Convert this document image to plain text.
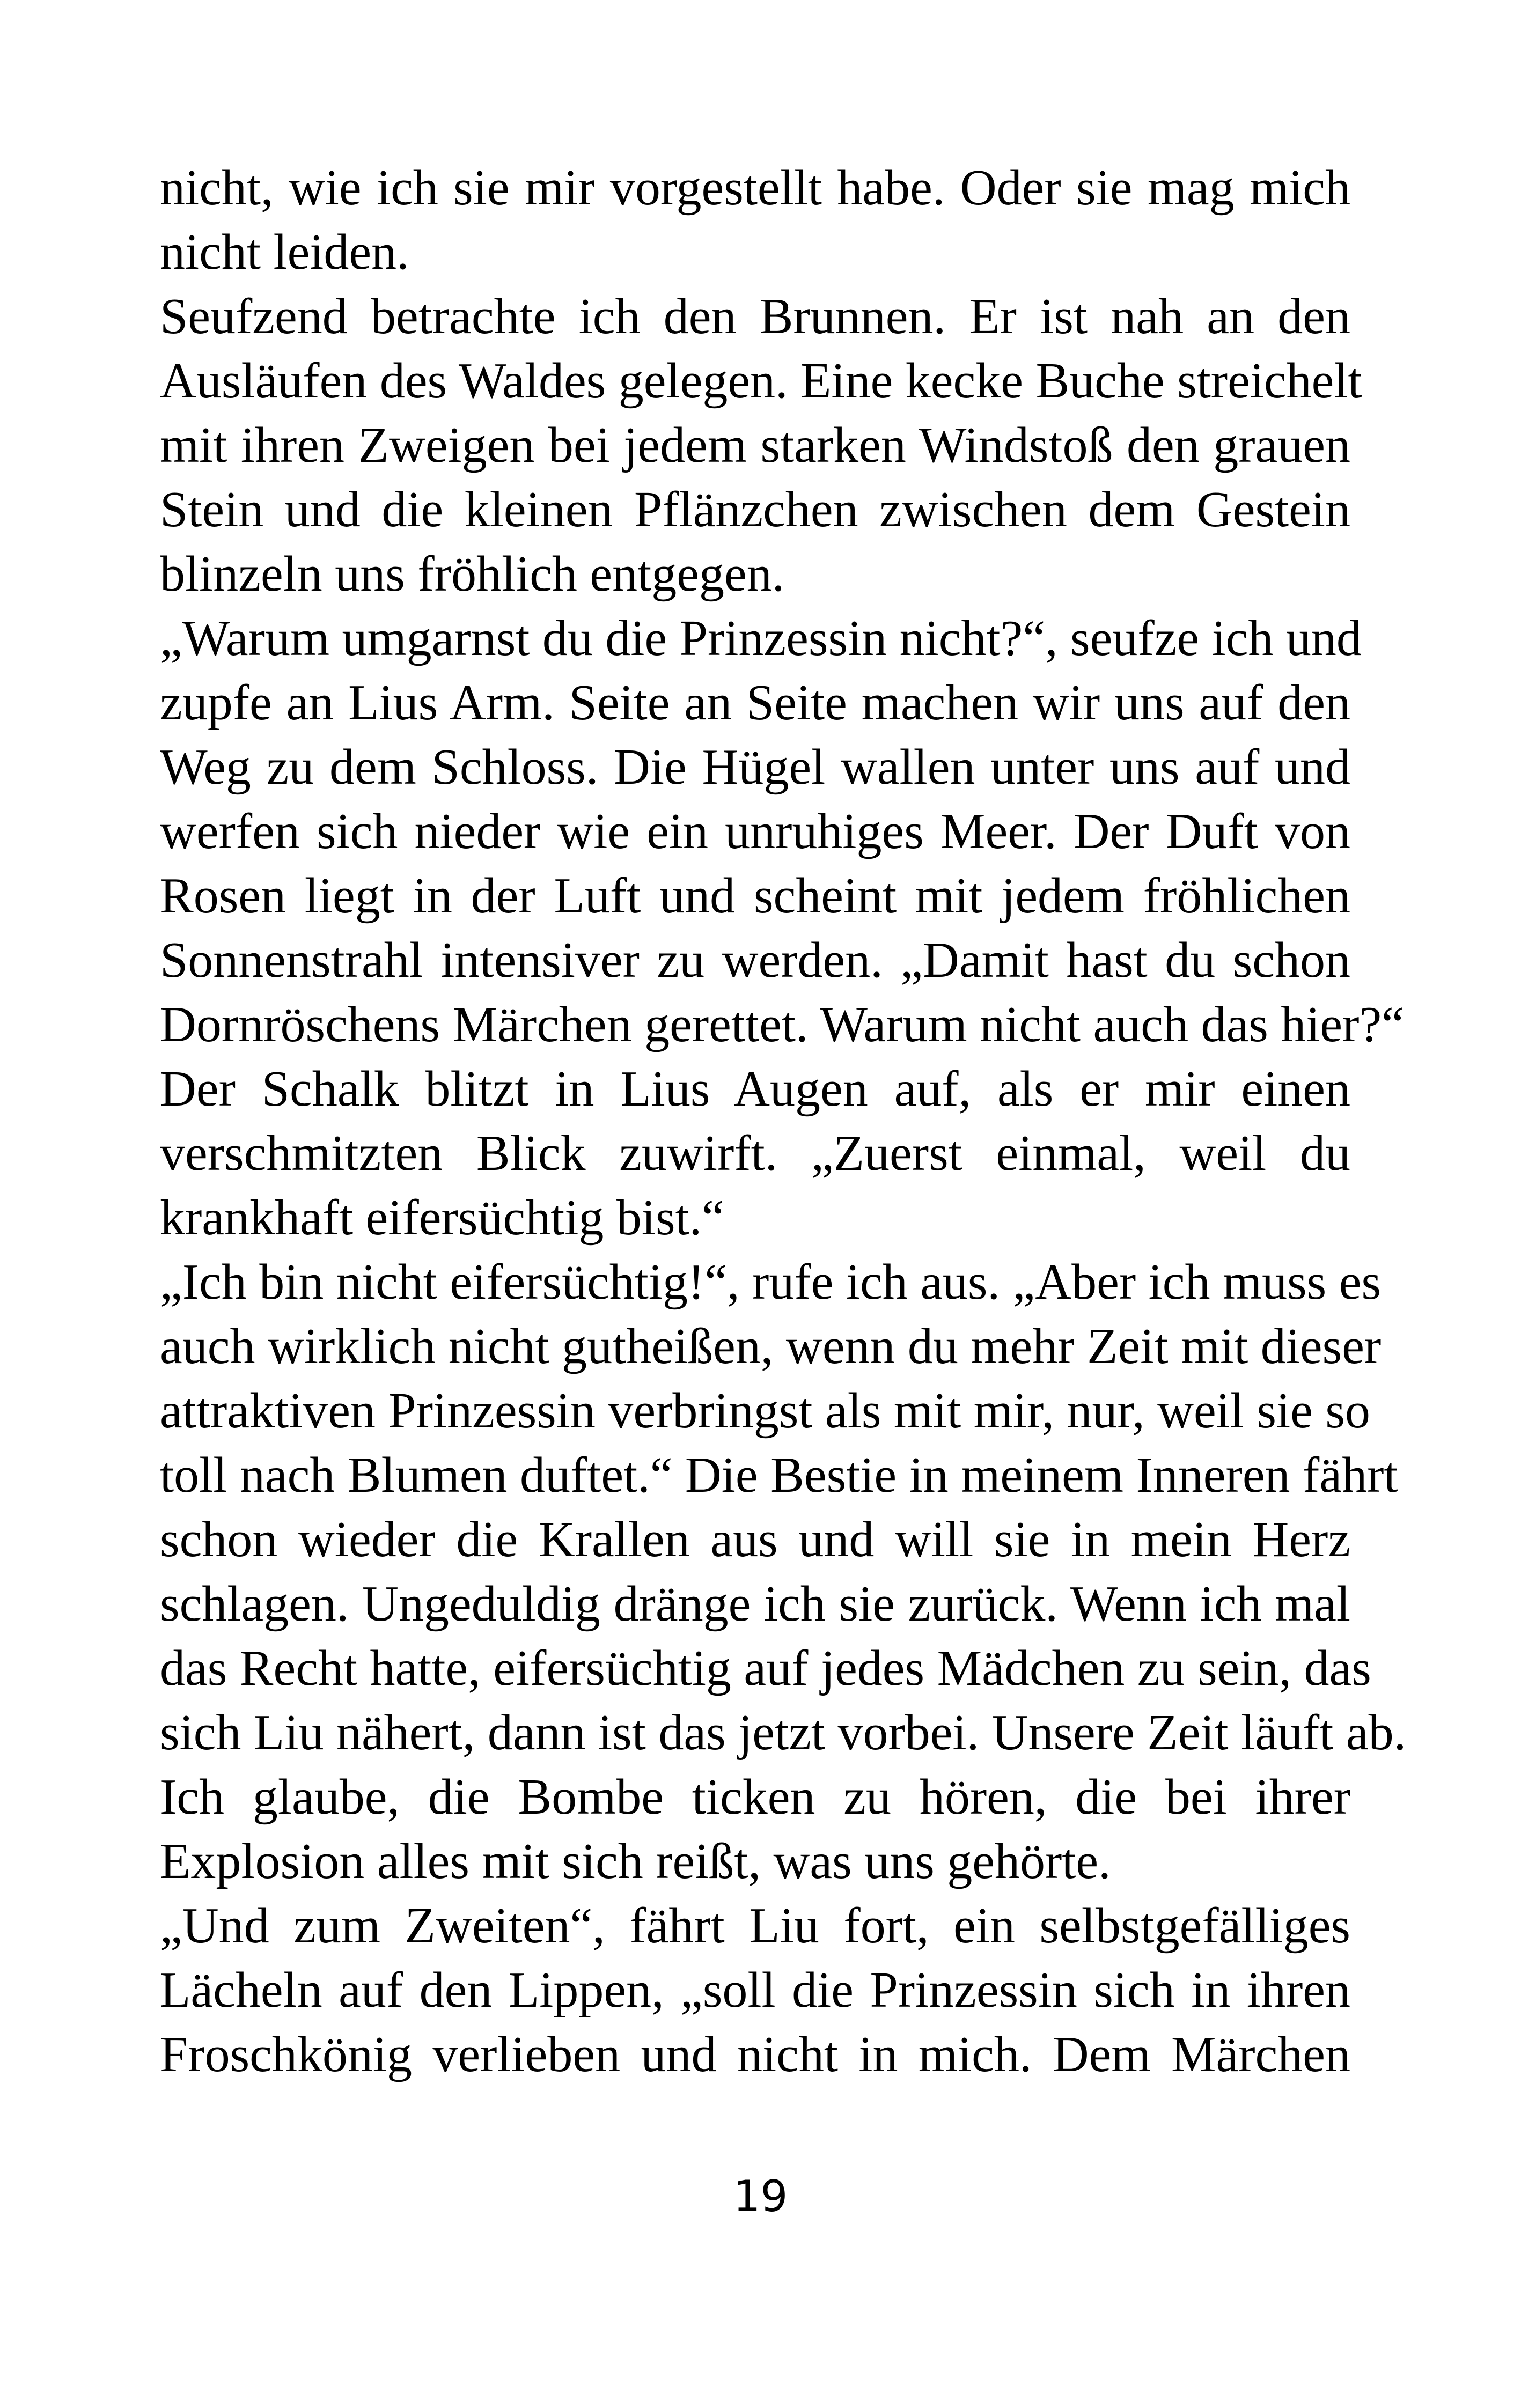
nicht, wie ich sie mir vorgestellt habe. Oder sie mag mich
nicht leiden.
Seufzend betrachte ich den Brunnen. Er ist nah an den
Ausläufen des Waldes gelegen. Eine kecke Buche streichelt
mit ihren Zweigen bei jedem starken Windstoß den grauen
Stein und die kleinen Pflänzchen zwischen dem Gestein
blinzeln uns fröhlich entgegen.
„Warum umgarnst du die Prinzessin nicht?“, seufze ich und
zupfe an Lius Arm. Seite an Seite machen wir uns auf den
Weg zu dem Schloss. Die Hügel wallen unter uns auf und
werfen sich nieder wie ein unruhiges Meer. Der Duft von
Rosen liegt in der Luft und scheint mit jedem fröhlichen
Sonnenstrahl intensiver zu werden. „Damit hast du schon
Dornröschens Märchen gerettet. Warum nicht auch das hier?“
Der Schalk blitzt in Lius Augen auf, als er mir einen
verschmitzten Blick zuwirft. „Zuerst einmal, weil du
krankhaft eifersüchtig bist.“
„Ich bin nicht eifersüchtig!“, rufe ich aus. „Aber ich muss es
auch wirklich nicht gutheißen, wenn du mehr Zeit mit dieser
attraktiven Prinzessin verbringst als mit mir, nur, weil sie so
toll nach Blumen duftet.“ Die Bestie in meinem Inneren fährt
schon wieder die Krallen aus und will sie in mein Herz
schlagen. Ungeduldig dränge ich sie zurück. Wenn ich mal
das Recht hatte, eifersüchtig auf jedes Mädchen zu sein, das
sich Liu nähert, dann ist das jetzt vorbei. Unsere Zeit läuft ab.
Ich glaube, die Bombe ticken zu hören, die bei ihrer
Explosion alles mit sich reißt, was uns gehörte.
„Und zum Zweiten“, fährt Liu fort, ein selbstgefälliges
Lächeln auf den Lippen, „soll die Prinzessin sich in ihren
Froschkönig verlieben und nicht in mich. Dem Märchen
19
